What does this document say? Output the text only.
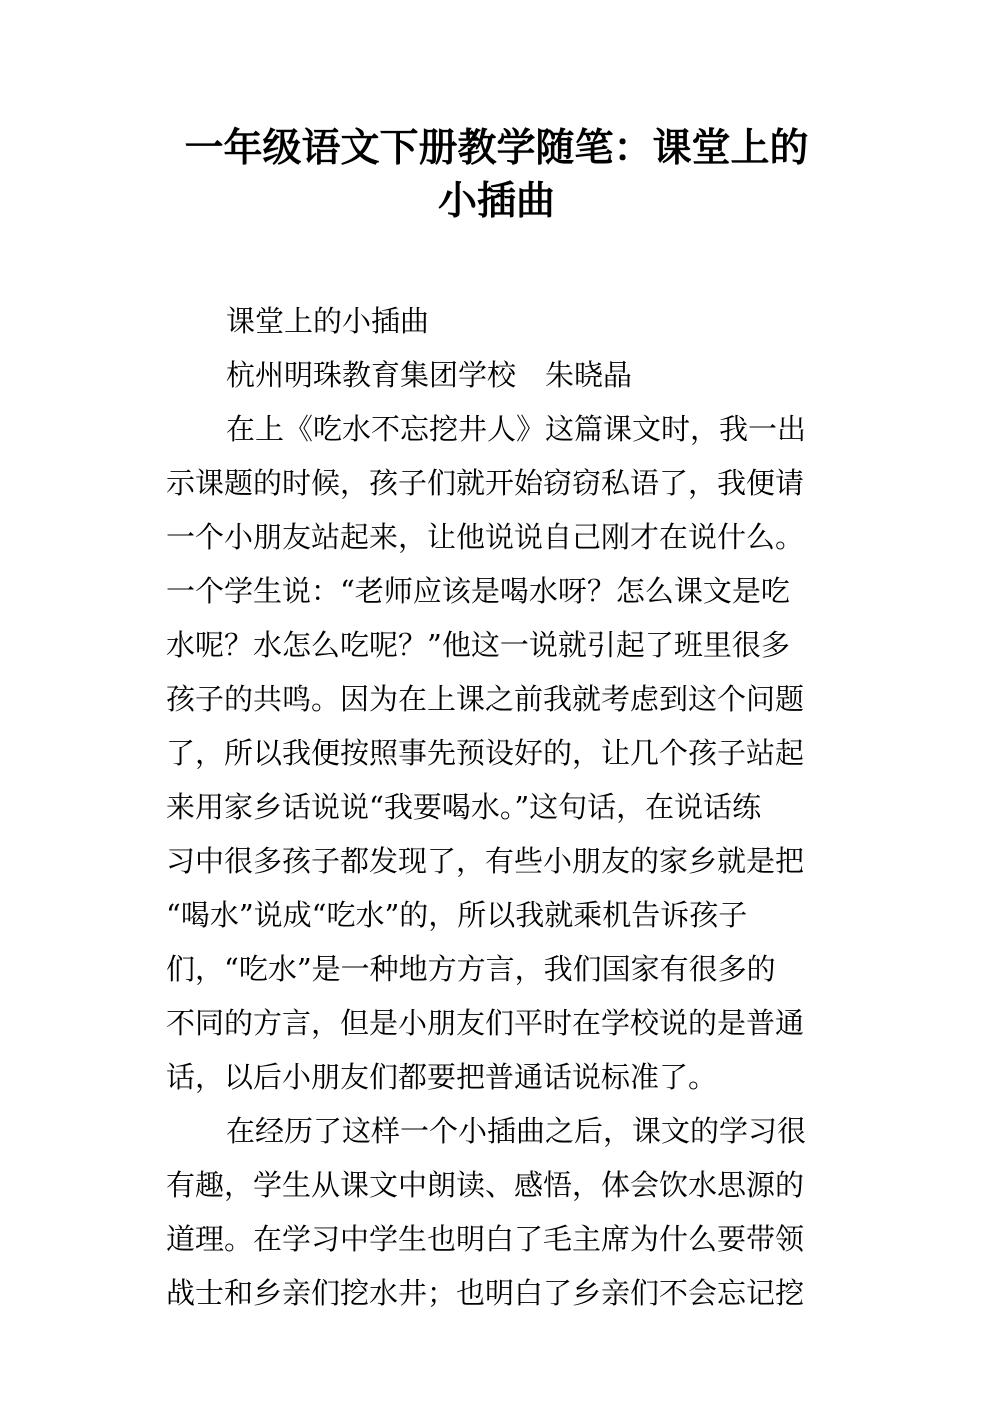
一年级语文下册教学随笔：课堂上的
小插曲
课堂上的小插曲
杭州明珠教育集团学校　朱晓晶
在上《吃水不忘挖井人》这篇课文时，我一出
示课题的时候，孩子们就开始窃窃私语了，我便请
一个小朋友站起来，让他说说自己刚才在说什么。
一个学生说：“老师应该是喝水呀？怎么课文是吃
水呢？水怎么吃呢？”他这一说就引起了班里很多
孩子的共鸣。因为在上课之前我就考虑到这个问题
了，所以我便按照事先预设好的，让几个孩子站起
来用家乡话说说“我要喝水。”这句话，在说话练
习中很多孩子都发现了，有些小朋友的家乡就是把
“喝水”说成“吃水”的，所以我就乘机告诉孩子
们，“吃水”是一种地方方言，我们国家有很多的
不同的方言，但是小朋友们平时在学校说的是普通
话，以后小朋友们都要把普通话说标准了。
在经历了这样一个小插曲之后，课文的学习很
有趣，学生从课文中朗读、感悟，体会饮水思源的
道理。在学习中学生也明白了毛主席为什么要带领
战士和乡亲们挖水井；也明白了乡亲们不会忘记挖
